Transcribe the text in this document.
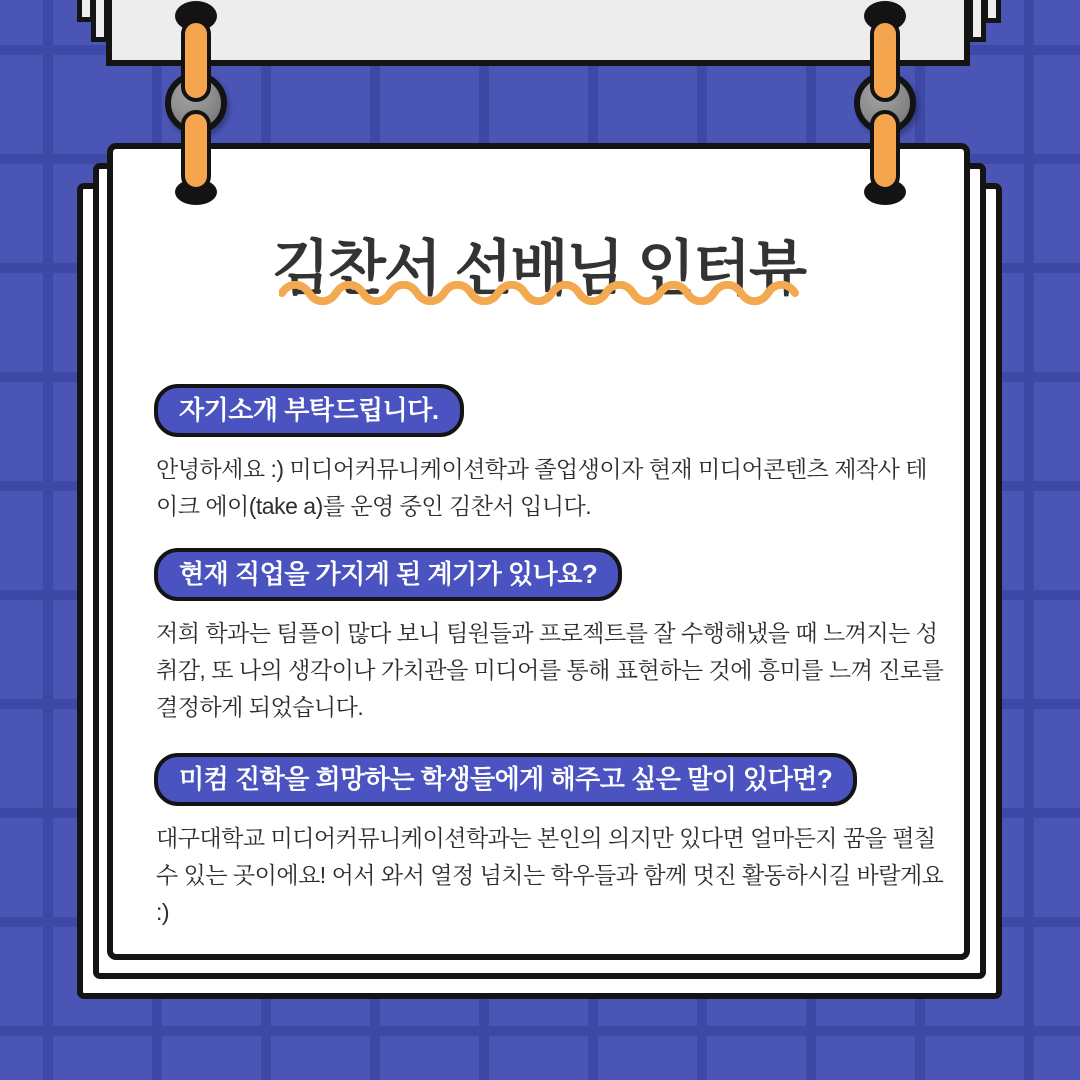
김찬서 선배님 인터뷰
자기소개 부탁드립니다.

안녕하세요 :) 미디어커뮤니케이션학과 졸업생이자 현재 미디어콘텐츠 제작사 테이크 에이(take a)를 운영 중인 김찬서 입니다.

현재 직업을 가지게 된 계기가 있나요?

저희 학과는 팀플이 많다 보니 팀원들과 프로젝트를 잘 수행해냈을 때 느껴지는 성취감, 또 나의 생각이나 가치관을 미디어를 통해 표현하는 것에 흥미를 느껴 진로를 결정하게 되었습니다.

미컴 진학을 희망하는 학생들에게 해주고 싶은 말이 있다면?

대구대학교 미디어커뮤니케이션학과는 본인의 의지만 있다면 얼마든지 꿈을 펼칠 수 있는 곳이에요! 어서 와서 열정 넘치는 학우들과 함께 멋진 활동하시길 바랄게요 :)
